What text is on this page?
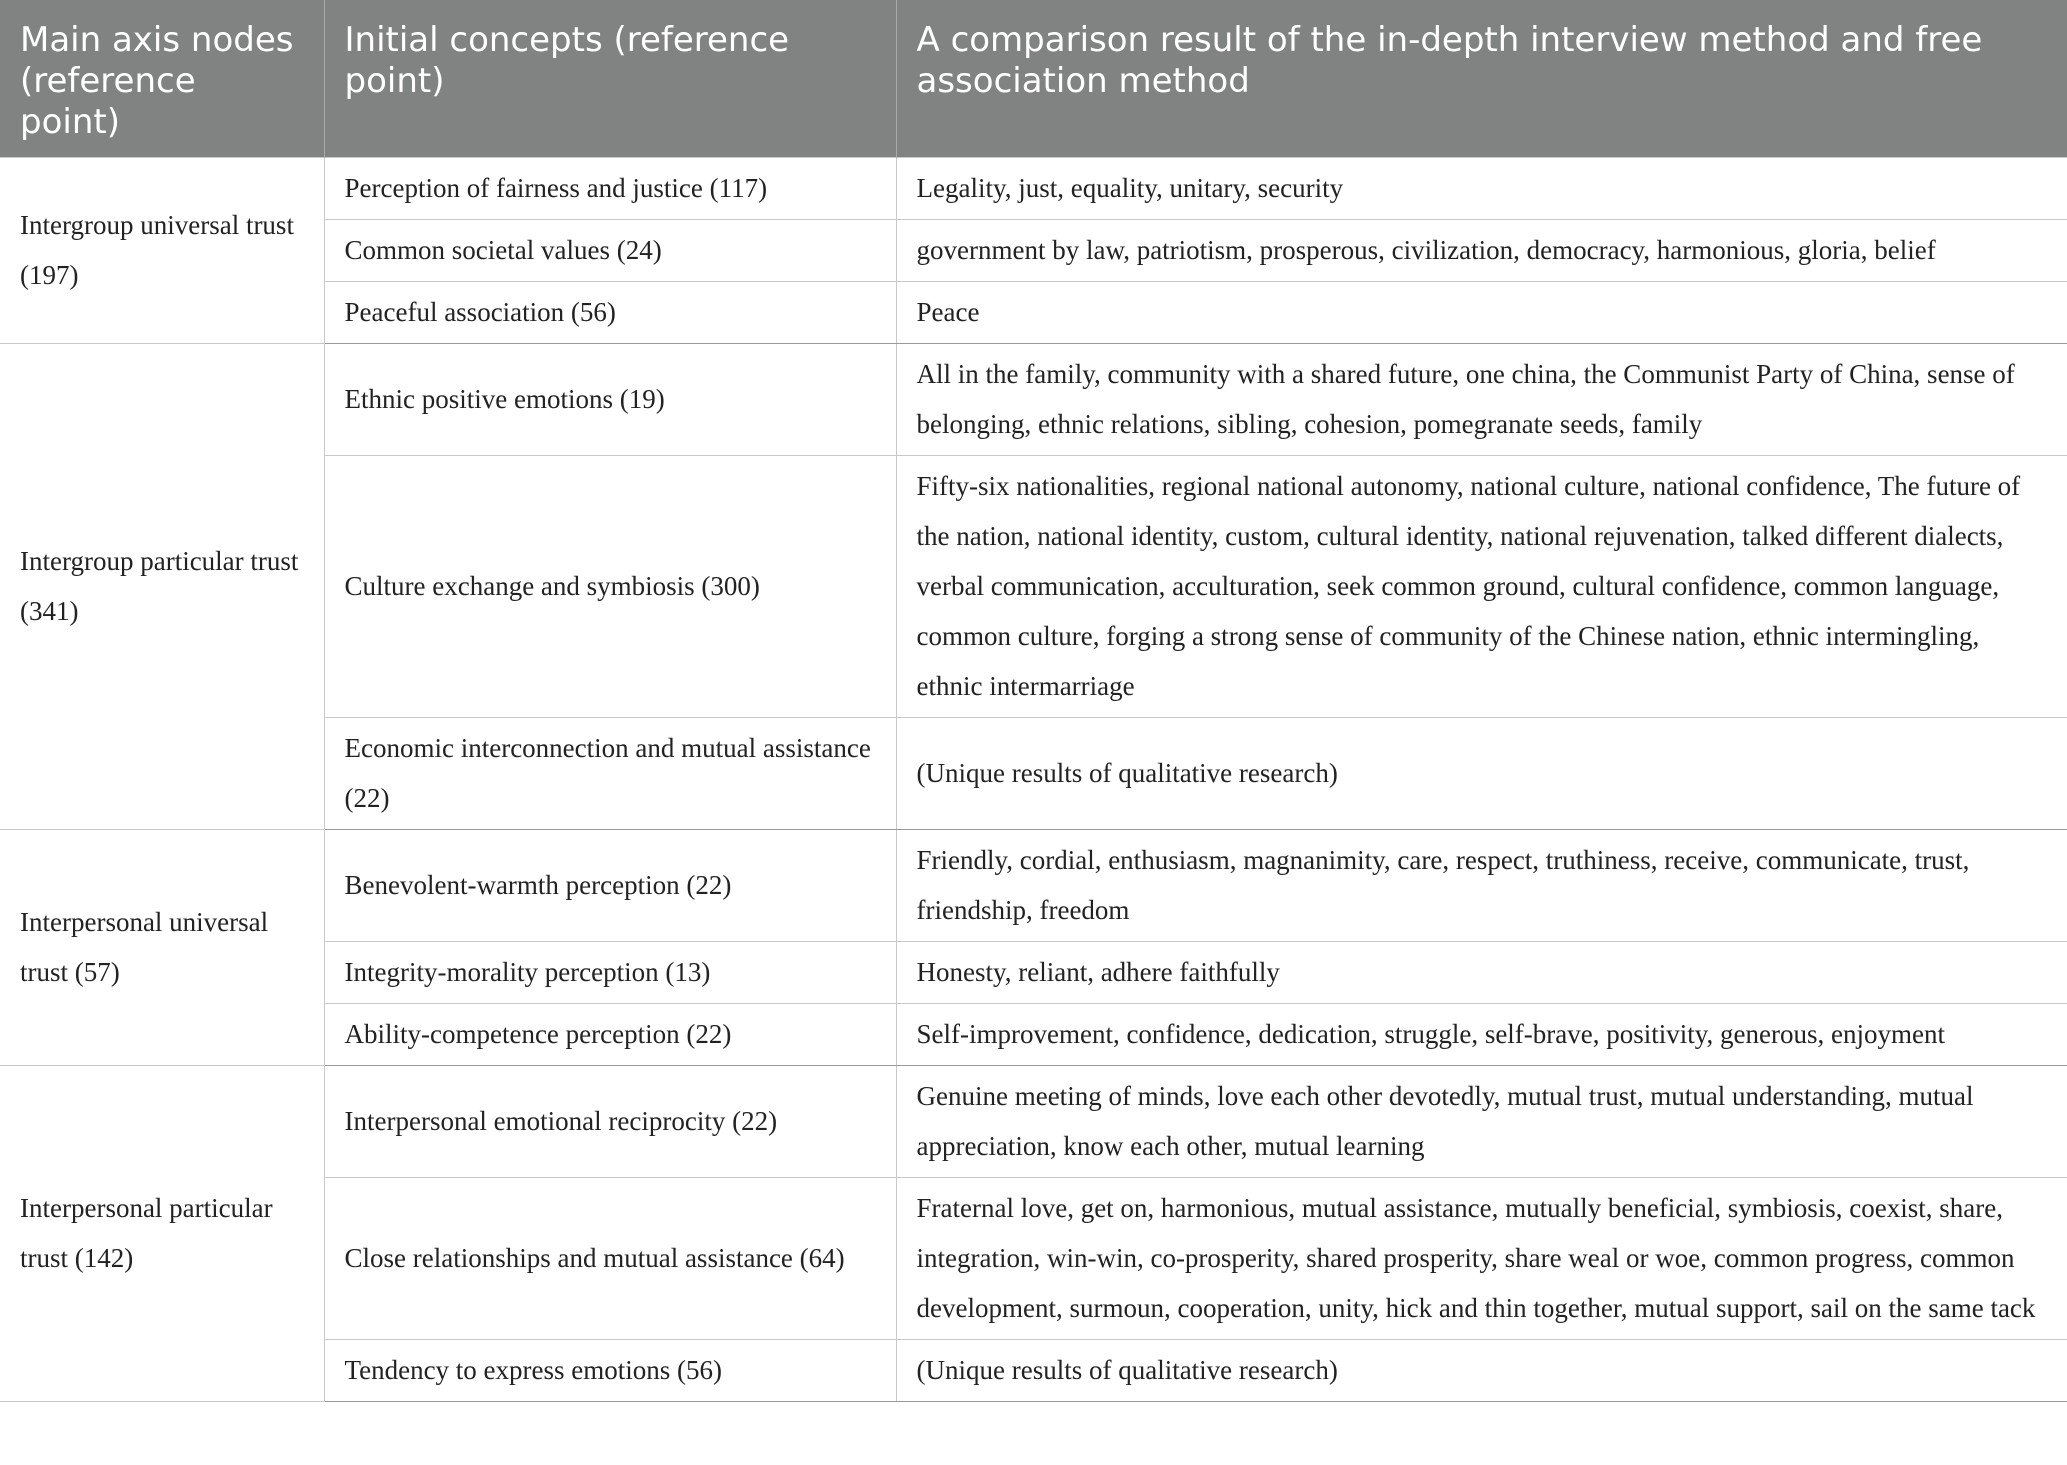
Main axis nodes (reference point)	Initial concepts (reference point)	A comparison result of the in-depth interview method and free association method
Intergroup universal trust (197)	Perception of fairness and justice (117)	Legality, just, equality, unitary, security
	Common societal values (24)	government by law, patriotism, prosperous, civilization, democracy, harmonious, gloria, belief
	Peaceful association (56)	Peace
Intergroup particular trust (341)	Ethnic positive emotions (19)	All in the family, community with a shared future, one china, the Communist Party of China, sense of belonging, ethnic relations, sibling, cohesion, pomegranate seeds, family
	Culture exchange and symbiosis (300)	Fifty-six nationalities, regional national autonomy, national culture, national confidence, The future of the nation, national identity, custom, cultural identity, national rejuvenation, talked different dialects, verbal communication, acculturation, seek common ground, cultural confidence, common language, common culture, forging a strong sense of community of the Chinese nation, ethnic intermingling, ethnic intermarriage
	Economic interconnection and mutual assistance (22)	(Unique results of qualitative research)
Interpersonal universal trust (57)	Benevolent-warmth perception (22)	Friendly, cordial, enthusiasm, magnanimity, care, respect, truthiness, receive, communicate, trust, friendship, freedom
	Integrity-morality perception (13)	Honesty, reliant, adhere faithfully
	Ability-competence perception (22)	Self-improvement, confidence, dedication, struggle, self-brave, positivity, generous, enjoyment
Interpersonal particular trust (142)	Interpersonal emotional reciprocity (22)	Genuine meeting of minds, love each other devotedly, mutual trust, mutual understanding, mutual appreciation, know each other, mutual learning
	Close relationships and mutual assistance (64)	Fraternal love, get on, harmonious, mutual assistance, mutually beneficial, symbiosis, coexist, share, integration, win-win, co-prosperity, shared prosperity, share weal or woe, common progress, common development, surmoun, cooperation, unity, hick and thin together, mutual support, sail on the same tack
	Tendency to express emotions (56)	(Unique results of qualitative research)
